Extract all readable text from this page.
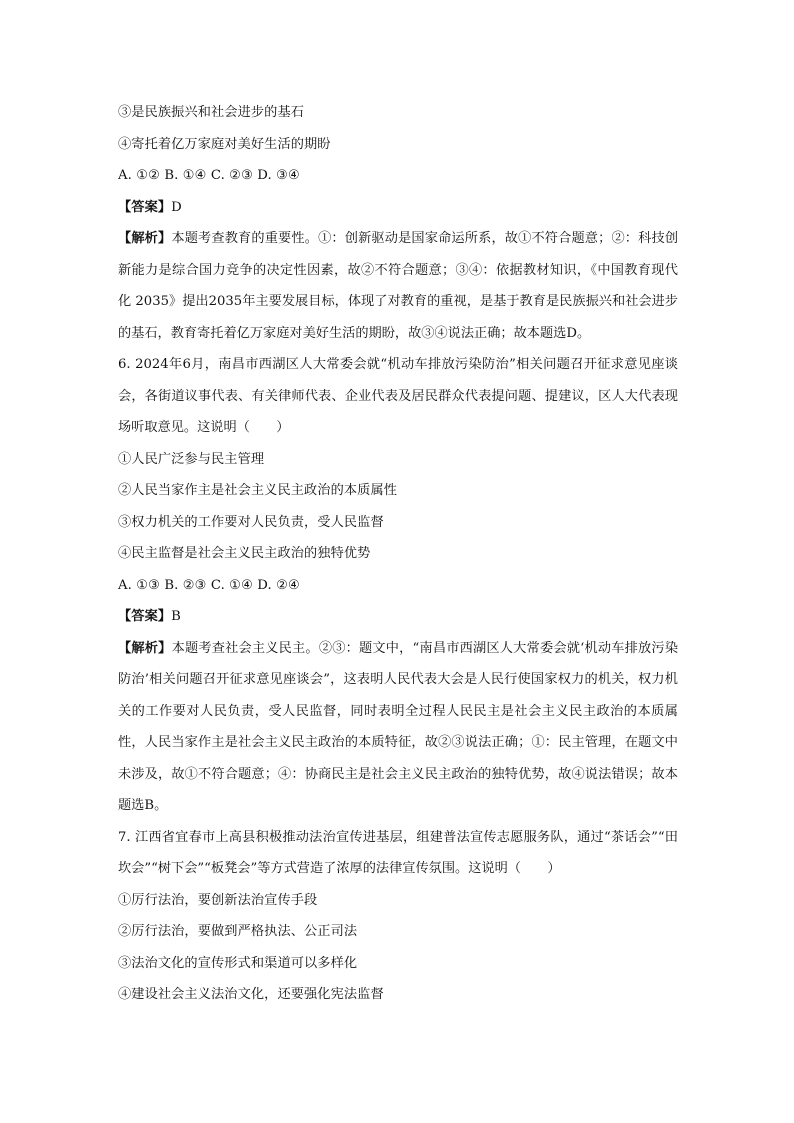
③是民族振兴和社会进步的基石
④寄托着亿万家庭对美好生活的期盼
A. ①② B. ①④ C. ②③ D. ③④
【答案】D
【解析】本题考查教育的重要性。①：创新驱动是国家命运所系，故①不符合题意；②：科技创新能力是综合国力竞争的决定性因素，故②不符合题意；③④：依据教材知识，《中国教育现代化 2035》提出2035年主要发展目标，体现了对教育的重视，是基于教育是民族振兴和社会进步的基石，教育寄托着亿万家庭对美好生活的期盼，故③④说法正确；故本题选D。
6. 2024年6月，南昌市西湖区人大常委会就“机动车排放污染防治”相关问题召开征求意见座谈会，各街道议事代表、有关律师代表、企业代表及居民群众代表提问题、提建议，区人大代表现场听取意见。这说明（　　）
①人民广泛参与民主管理
②人民当家作主是社会主义民主政治的本质属性
③权力机关的工作要对人民负责，受人民监督
④民主监督是社会主义民主政治的独特优势
A. ①③ B. ②③ C. ①④ D. ②④
【答案】B
【解析】本题考查社会主义民主。②③：题文中，“南昌市西湖区人大常委会就‘机动车排放污染防治’相关问题召开征求意见座谈会”，这表明人民代表大会是人民行使国家权力的机关，权力机关的工作要对人民负责，受人民监督，同时表明全过程人民民主是社会主义民主政治的本质属性，人民当家作主是社会主义民主政治的本质特征，故②③说法正确；①：民主管理，在题文中未涉及，故①不符合题意；④：协商民主是社会主义民主政治的独特优势，故④说法错误；故本题选B。
7. 江西省宜春市上高县积极推动法治宣传进基层，组建普法宣传志愿服务队，通过“茶话会”“田坎会”“树下会”“板凳会”等方式营造了浓厚的法律宣传氛围。这说明（　　）
①厉行法治，要创新法治宣传手段
②厉行法治，要做到严格执法、公正司法
③法治文化的宣传形式和渠道可以多样化
④建设社会主义法治文化，还要强化宪法监督
